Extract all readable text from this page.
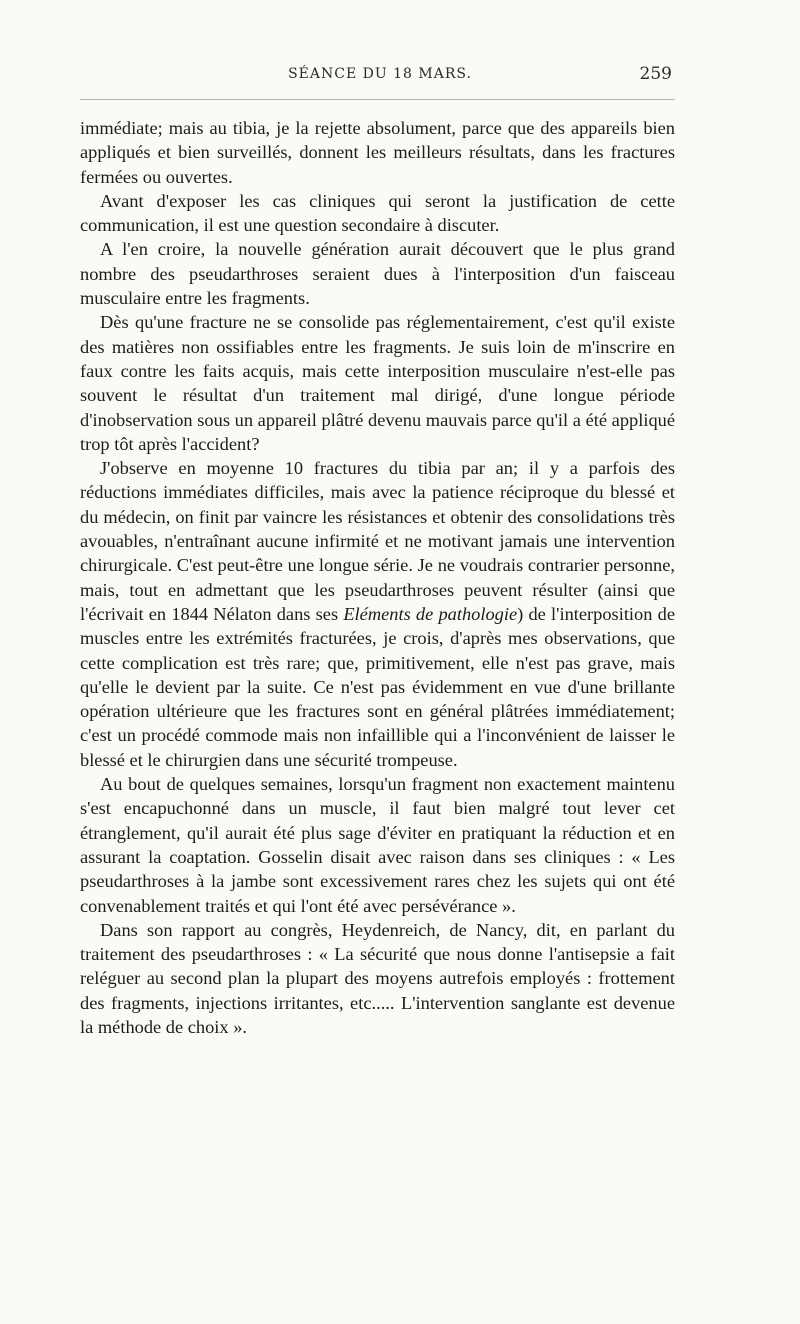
SÉANCE DU 18 MARS.	259

immédiate; mais au tibia, je la rejette absolument, parce que des appareils bien appliqués et bien surveillés, donnent les meilleurs résultats, dans les fractures fermées ou ouvertes.

Avant d'exposer les cas cliniques qui seront la justification de cette communication, il est une question secondaire à discuter.

A l'en croire, la nouvelle génération aurait découvert que le plus grand nombre des pseudarthroses seraient dues à l'interposition d'un faisceau musculaire entre les fragments.

Dès qu'une fracture ne se consolide pas réglementairement, c'est qu'il existe des matières non ossifiables entre les fragments. Je suis loin de m'inscrire en faux contre les faits acquis, mais cette interposition musculaire n'est-elle pas souvent le résultat d'un traitement mal dirigé, d'une longue période d'inobservation sous un appareil plâtré devenu mauvais parce qu'il a été appliqué trop tôt après l'accident?

J'observe en moyenne 10 fractures du tibia par an; il y a parfois des réductions immédiates difficiles, mais avec la patience réciproque du blessé et du médecin, on finit par vaincre les résistances et obtenir des consolidations très avouables, n'entraînant aucune infirmité et ne motivant jamais une intervention chirurgicale. C'est peut-être une longue série. Je ne voudrais contrarier personne, mais, tout en admettant que les pseudarthroses peuvent résulter (ainsi que l'écrivait en 1844 Nélaton dans ses Eléments de pathologie) de l'interposition de muscles entre les extrémités fracturées, je crois, d'après mes observations, que cette complication est très rare; que, primitivement, elle n'est pas grave, mais qu'elle le devient par la suite. Ce n'est pas évidemment en vue d'une brillante opération ultérieure que les fractures sont en général plâtrées immédiatement; c'est un procédé commode mais non infaillible qui a l'inconvénient de laisser le blessé et le chirurgien dans une sécurité trompeuse.

Au bout de quelques semaines, lorsqu'un fragment non exactement maintenu s'est encapuchonné dans un muscle, il faut bien malgré tout lever cet étranglement, qu'il aurait été plus sage d'éviter en pratiquant la réduction et en assurant la coaptation. Gosselin disait avec raison dans ses cliniques : « Les pseudarthroses à la jambe sont excessivement rares chez les sujets qui ont été convenablement traités et qui l'ont été avec persévérance ».

Dans son rapport au congrès, Heydenreich, de Nancy, dit, en parlant du traitement des pseudarthroses : « La sécurité que nous donne l'antisepsie a fait reléguer au second plan la plupart des moyens autrefois employés : frottement des fragments, injections irritantes, etc..... L'intervention sanglante est devenue la méthode de choix ».
